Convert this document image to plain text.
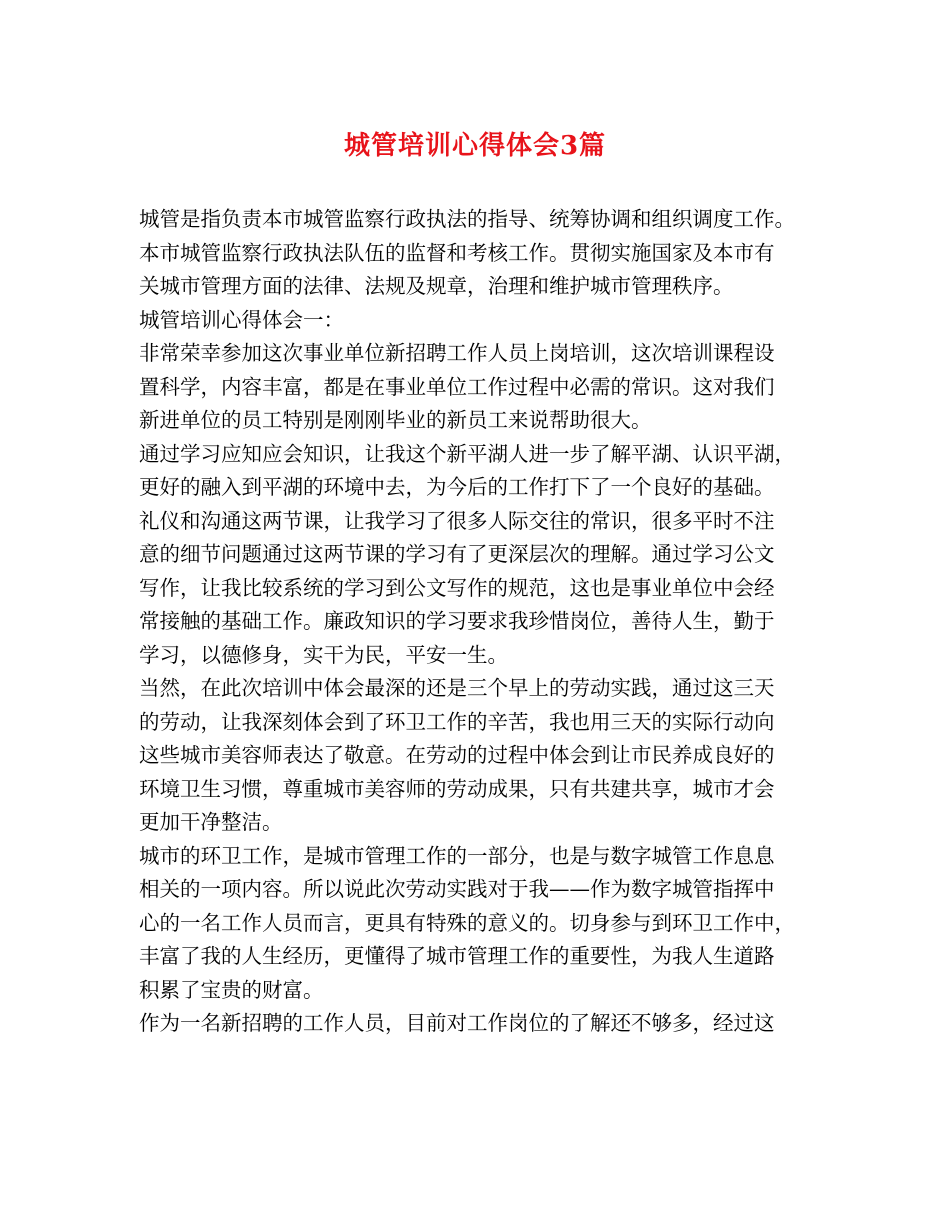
城管培训心得体会3篇
城管是指负责本市城管监察行政执法的指导、统筹协调和组织调度工作。
本市城管监察行政执法队伍的监督和考核工作。贯彻实施国家及本市有
关城市管理方面的法律、法规及规章，治理和维护城市管理秩序。
城管培训心得体会一：
非常荣幸参加这次事业单位新招聘工作人员上岗培训，这次培训课程设
置科学，内容丰富，都是在事业单位工作过程中必需的常识。这对我们
新进单位的员工特别是刚刚毕业的新员工来说帮助很大。
通过学习应知应会知识，让我这个新平湖人进一步了解平湖、认识平湖，
更好的融入到平湖的环境中去，为今后的工作打下了一个良好的基础。
礼仪和沟通这两节课，让我学习了很多人际交往的常识，很多平时不注
意的细节问题通过这两节课的学习有了更深层次的理解。通过学习公文
写作，让我比较系统的学习到公文写作的规范，这也是事业单位中会经
常接触的基础工作。廉政知识的学习要求我珍惜岗位，善待人生，勤于
学习，以德修身，实干为民，平安一生。
当然，在此次培训中体会最深的还是三个早上的劳动实践，通过这三天
的劳动，让我深刻体会到了环卫工作的辛苦，我也用三天的实际行动向
这些城市美容师表达了敬意。在劳动的过程中体会到让市民养成良好的
环境卫生习惯，尊重城市美容师的劳动成果，只有共建共享，城市才会
更加干净整洁。
城市的环卫工作，是城市管理工作的一部分，也是与数字城管工作息息
相关的一项内容。所以说此次劳动实践对于我——作为数字城管指挥中
心的一名工作人员而言，更具有特殊的意义的。切身参与到环卫工作中，
丰富了我的人生经历，更懂得了城市管理工作的重要性，为我人生道路
积累了宝贵的财富。
作为一名新招聘的工作人员，目前对工作岗位的了解还不够多，经过这
